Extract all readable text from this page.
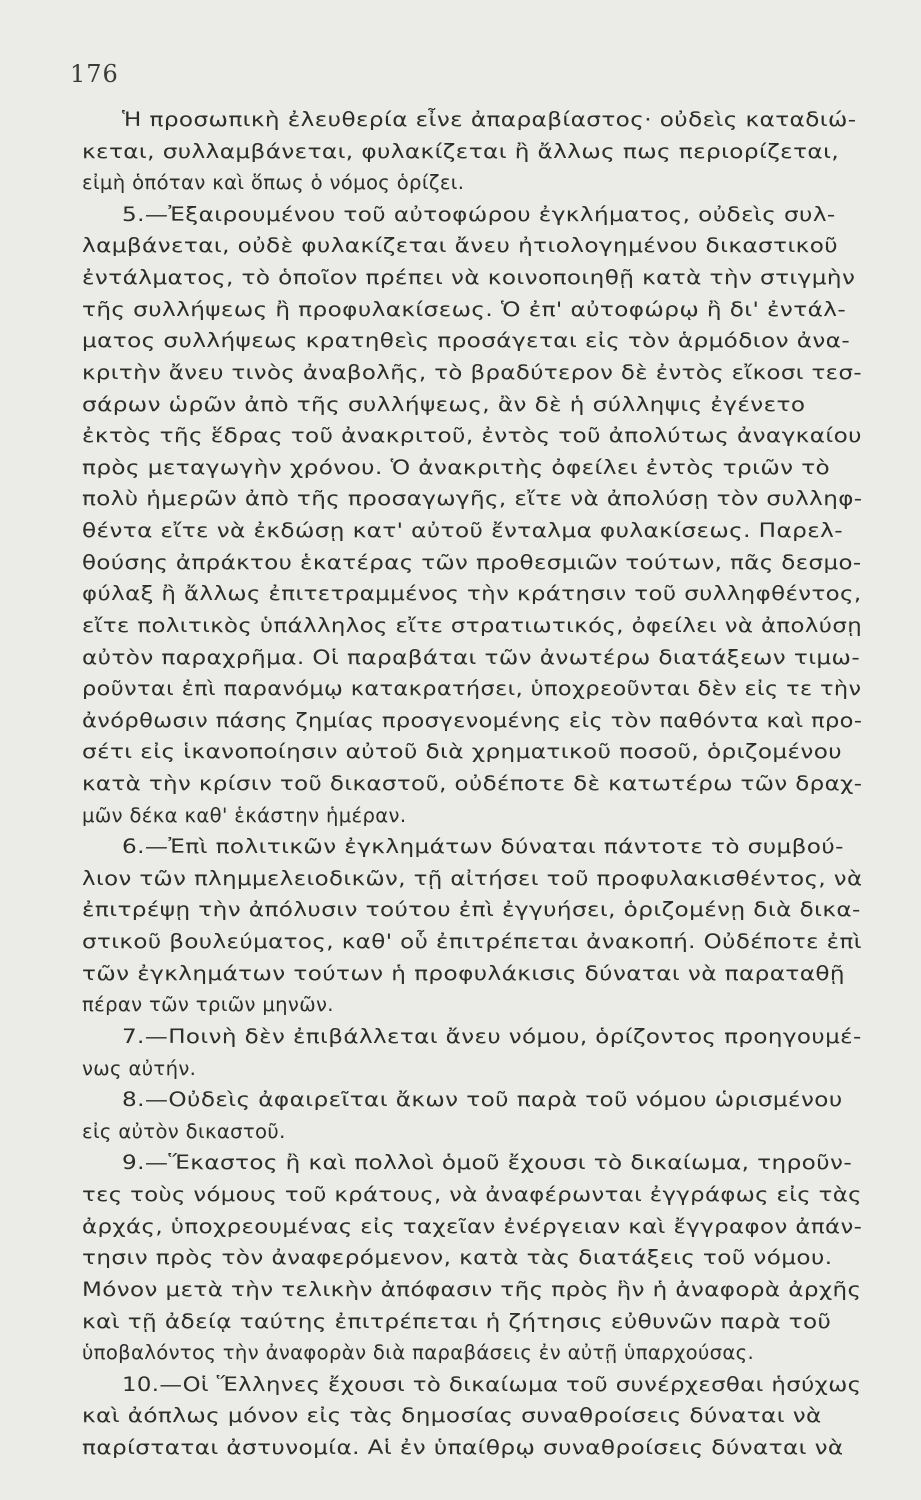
176
Ἡ προσωπικὴ ἐλευθερία εἶνε ἀπαραβίαστος· οὐδεὶς καταδιώ-
κεται, συλλαμβάνεται, φυλακίζεται ἢ ἄλλως πως περιορίζεται,
εἰμὴ ὁπόταν καὶ ὅπως ὁ νόμος ὁρίζει.
5.—Ἐξαιρουμένου τοῦ αὐτοφώρου ἐγκλήματος, οὐδεὶς συλ-
λαμβάνεται, οὐδὲ φυλακίζεται ἄνευ ἠτιολογημένου δικαστικοῦ
ἐντάλματος, τὸ ὁποῖον πρέπει νὰ κοινοποιηθῇ κατὰ τὴν στιγμὴν
τῆς συλλήψεως ἢ προφυλακίσεως. Ὁ ἐπ' αὐτοφώρῳ ἢ δι' ἐντάλ-
ματος συλλήψεως κρατηθεὶς προσάγεται εἰς τὸν ἁρμόδιον ἀνα-
κριτὴν ἄνευ τινὸς ἀναβολῆς, τὸ βραδύτερον δὲ ἐντὸς εἴκοσι τεσ-
σάρων ὡρῶν ἀπὸ τῆς συλλήψεως, ἂν δὲ ἡ σύλληψις ἐγένετο
ἐκτὸς τῆς ἕδρας τοῦ ἀνακριτοῦ, ἐντὸς τοῦ ἀπολύτως ἀναγκαίου
πρὸς μεταγωγὴν χρόνου. Ὁ ἀνακριτὴς ὀφείλει ἐντὸς τριῶν τὸ
πολὺ ἡμερῶν ἀπὸ τῆς προσαγωγῆς, εἴτε νὰ ἀπολύσῃ τὸν συλληφ-
θέντα εἴτε νὰ ἐκδώσῃ κατ' αὐτοῦ ἔνταλμα φυλακίσεως. Παρελ-
θούσης ἀπράκτου ἑκατέρας τῶν προθεσμιῶν τούτων, πᾶς δεσμο-
φύλαξ ἢ ἄλλως ἐπιτετραμμένος τὴν κράτησιν τοῦ συλληφθέντος,
εἴτε πολιτικὸς ὑπάλληλος εἴτε στρατιωτικός, ὀφείλει νὰ ἀπολύσῃ
αὐτὸν παραχρῆμα. Οἱ παραβάται τῶν ἀνωτέρω διατάξεων τιμω-
ροῦνται ἐπὶ παρανόμῳ κατακρατήσει, ὑποχρεοῦνται δὲν εἰς τε τὴν
ἀνόρθωσιν πάσης ζημίας προσγενομένης εἰς τὸν παθόντα καὶ προ-
σέτι εἰς ἱκανοποίησιν αὐτοῦ διὰ χρηματικοῦ ποσοῦ, ὁριζομένου
κατὰ τὴν κρίσιν τοῦ δικαστοῦ, οὐδέποτε δὲ κατωτέρω τῶν δραχ-
μῶν δέκα καθ' ἑκάστην ἡμέραν.
6.—Ἐπὶ πολιτικῶν ἐγκλημάτων δύναται πάντοτε τὸ συμβού-
λιον τῶν πλημμελειοδικῶν, τῇ αἰτήσει τοῦ προφυλακισθέντος, νὰ
ἐπιτρέψῃ τὴν ἀπόλυσιν τούτου ἐπὶ ἐγγυήσει, ὁριζομένῃ διὰ δικα-
στικοῦ βουλεύματος, καθ' οὗ ἐπιτρέπεται ἀνακοπή. Οὐδέποτε ἐπὶ
τῶν ἐγκλημάτων τούτων ἡ προφυλάκισις δύναται νὰ παραταθῇ
πέραν τῶν τριῶν μηνῶν.
7.—Ποινὴ δὲν ἐπιβάλλεται ἄνευ νόμου, ὁρίζοντος προηγουμέ-
νως αὐτήν.
8.—Οὐδεὶς ἀφαιρεῖται ἄκων τοῦ παρὰ τοῦ νόμου ὡρισμένου
εἰς αὐτὸν δικαστοῦ.
9.—Ἕκαστος ἢ καὶ πολλοὶ ὁμοῦ ἔχουσι τὸ δικαίωμα, τηροῦν-
τες τοὺς νόμους τοῦ κράτους, νὰ ἀναφέρωνται ἐγγράφως εἰς τὰς
ἀρχάς, ὑποχρεουμένας εἰς ταχεῖαν ἐνέργειαν καὶ ἔγγραφον ἀπάν-
τησιν πρὸς τὸν ἀναφερόμενον, κατὰ τὰς διατάξεις τοῦ νόμου.
Μόνον μετὰ τὴν τελικὴν ἀπόφασιν τῆς πρὸς ἣν ἡ ἀναφορὰ ἀρχῆς
καὶ τῇ ἀδείᾳ ταύτης ἐπιτρέπεται ἡ ζήτησις εὐθυνῶν παρὰ τοῦ
ὑποβαλόντος τὴν ἀναφορὰν διὰ παραβάσεις ἐν αὐτῇ ὑπαρχούσας.
10.—Οἱ Ἕλληνες ἔχουσι τὸ δικαίωμα τοῦ συνέρχεσθαι ἡσύχως
καὶ ἀόπλως μόνον εἰς τὰς δημοσίας συναθροίσεις δύναται νὰ
παρίσταται ἀστυνομία. Αἱ ἐν ὑπαίθρῳ συναθροίσεις δύναται νὰ
